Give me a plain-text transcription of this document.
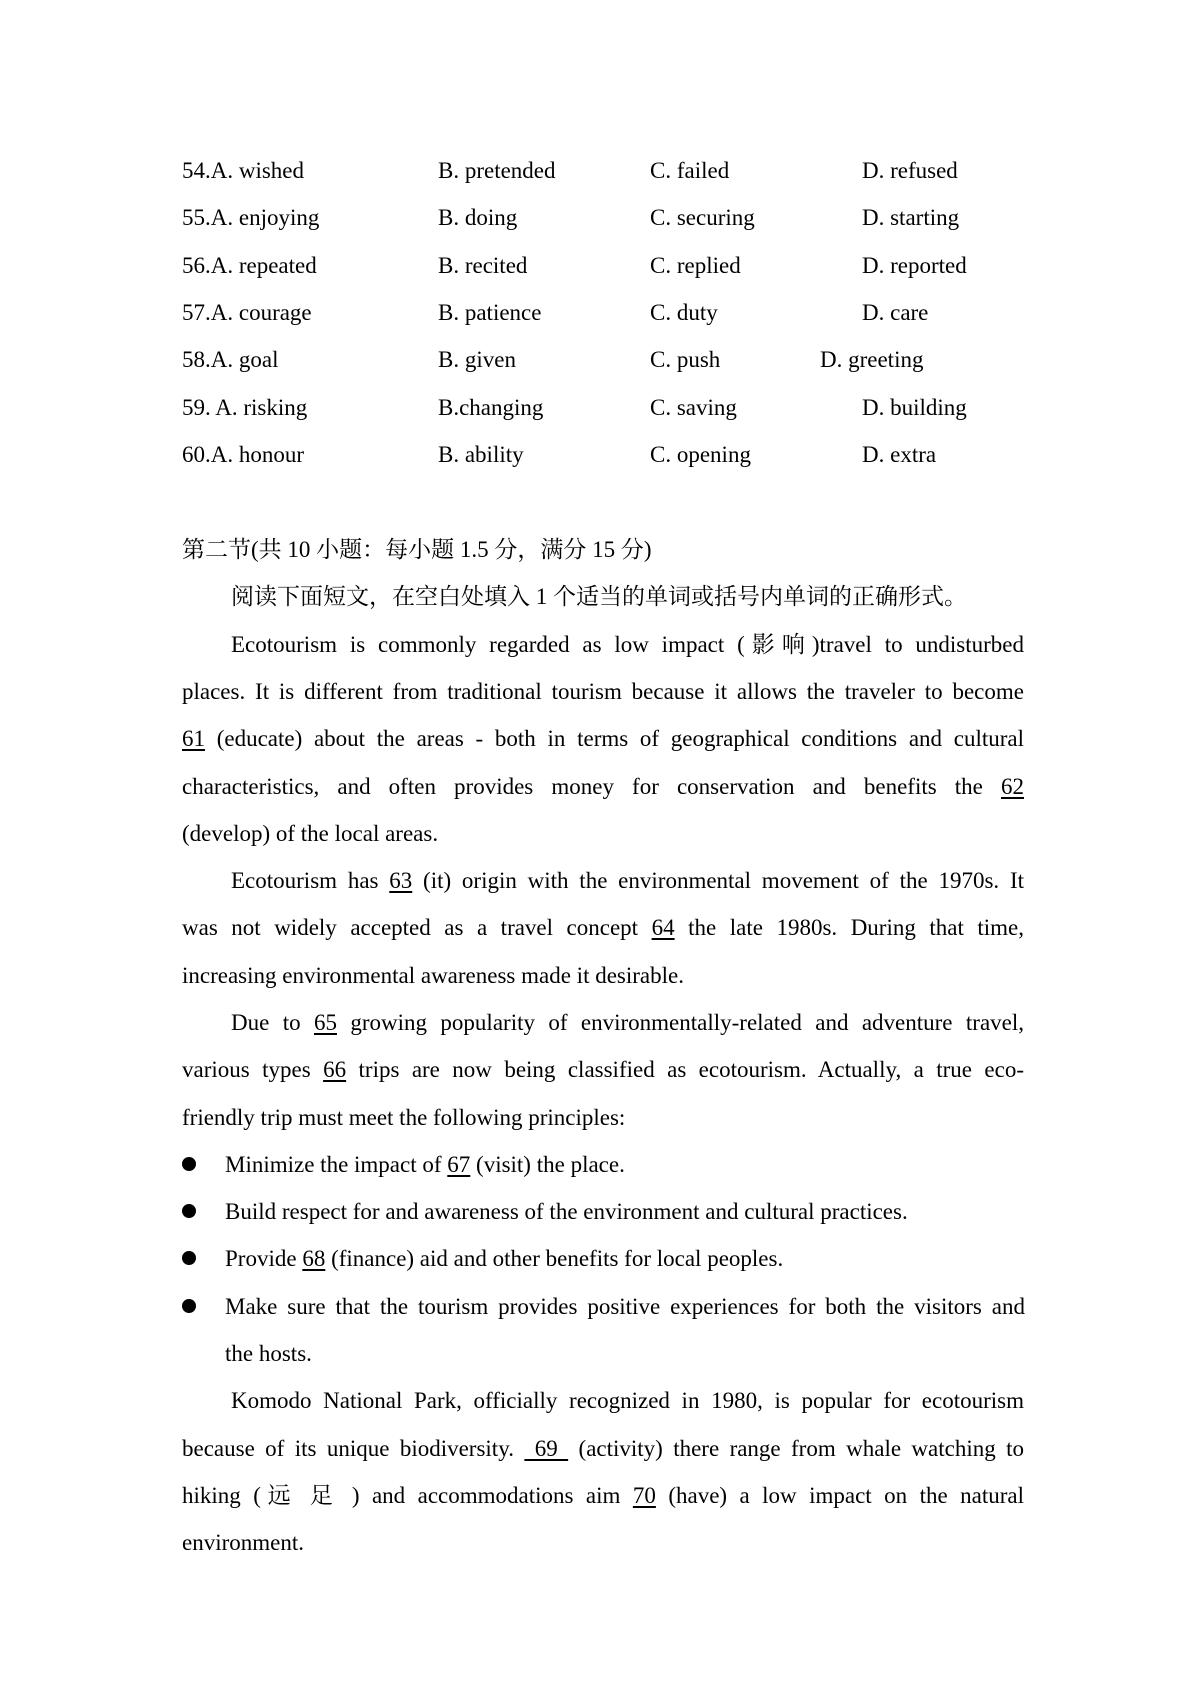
54.A. wished	B. pretended	C. failed	D. refused
55.A. enjoying	B. doing	C. securing	D. starting
56.A. repeated	B. recited	C. replied	D. reported
57.A. courage	B. patience	C. duty	D. care
58.A. goal	B. given	C. push	D. greeting
59. A. risking	B.changing	C. saving	D. building
60.A. honour	B. ability	C. opening	D. extra
第二节(共 10 小题：每小题 1.5 分，满分 15 分)
阅读下面短文，在空白处填入 1 个适当的单词或括号内单词的正确形式。
Ecotourism is commonly regarded as low impact (影响)travel to undisturbed
places. It is different from traditional tourism because it allows the traveler to become
61 (educate) about the areas - both in terms of geographical conditions and cultural
characteristics, and often provides money for conservation and benefits the 62
(develop) of the local areas.
Ecotourism has 63 (it) origin with the environmental movement of the 1970s. It
was not widely accepted as a travel concept 64 the late 1980s. During that time,
increasing environmental awareness made it desirable.
Due to 65 growing popularity of environmentally-related and adventure travel,
various types 66 trips are now being classified as ecotourism. Actually, a true eco-
friendly trip must meet the following principles:
Minimize the impact of 67 (visit) the place.
Build respect for and awareness of the environment and cultural practices.
Provide 68 (finance) aid and other benefits for local peoples.
Make sure that the tourism provides positive experiences for both the visitors and
the hosts.
Komodo National Park, officially recognized in 1980, is popular for ecotourism
because of its unique biodiversity.  69  (activity) there range from whale watching to
hiking (远 足 ) and accommodations aim 70 (have) a low impact on the natural
environment.
